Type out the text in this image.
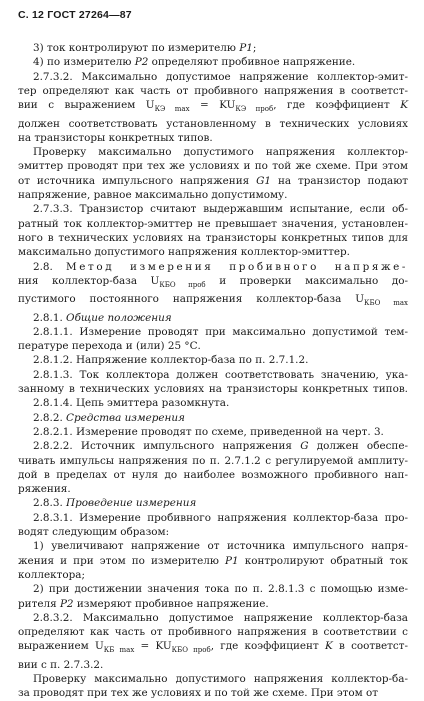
С. 12 ГОСТ 27264—87
3) ток контролируют по измерителю P1;
4) по измерителю P2 определяют пробивное напряжение.
2.7.3.2. Максимально допустимое напряжение коллектор-эмит-
тер определяют как часть от пробивного напряжения в соответст-
вии с выражением $U_{КЭ max} = KU_{КЭ проб}$, где коэффициент K
должен соответствовать установленному в технических условиях
на транзисторы конкретных типов.
Проверку максимально допустимого напряжения коллектор-
эмиттер проводят при тех же условиях и по той же схеме. При этом
от источника импульсного напряжения G1 на транзистор подают
напряжение, равное максимально допустимому.
2.7.3.3. Транзистор считают выдержавшим испытание, если об-
ратный ток коллектор-эмиттер не превышает значения, установлен-
ного в технических условиях на транзисторы конкретных типов для
максимально допустимого напряжения коллектор-эмиттер.
2.8. Метод измерения пробивного напряже-
ния коллектор-база $U_{КБО проб}$ и проверки максимально до-
пустимого постоянного напряжения коллектор-база $U_{КБО max}$
2.8.1. Общие положения
2.8.1.1. Измерение проводят при максимально допустимой тем-
пературе перехода и (или) 25 °С.
2.8.1.2. Напряжение коллектор-база по п. 2.7.1.2.
2.8.1.3. Ток коллектора должен соответствовать значению, ука-
занному в технических условиях на транзисторы конкретных типов.
2.8.1.4. Цепь эмиттера разомкнута.
2.8.2. Средства измерения
2.8.2.1. Измерение проводят по схеме, приведенной на черт. 3.
2.8.2.2. Источник импульсного напряжения G должен обеспе-
чивать импульсы напряжения по п. 2.7.1.2 с регулируемой амплиту-
дой в пределах от нуля до наиболее возможного пробивного нап-
ряжения.
2.8.3. Проведение измерения
2.8.3.1. Измерение пробивного напряжения коллектор-база про-
водят следующим образом:
1) увеличивают напряжение от источника импульсного напря-
жения и при этом по измерителю P1 контролируют обратный ток
коллектора;
2) при достижении значения тока по п. 2.8.1.3 с помощью изме-
рителя P2 измеряют пробивное напряжение.
2.8.3.2. Максимально допустимое напряжение коллектор-база
определяют как часть от пробивного напряжения в соответствии с
выражением $U_{КБ max} = KU_{КБО проб}$, где коэффициент K в соответст-
вии с п. 2.7.3.2.
Проверку максимально допустимого напряжения коллектор-ба-
за проводят при тех же условиях и по той же схеме. При этом от
